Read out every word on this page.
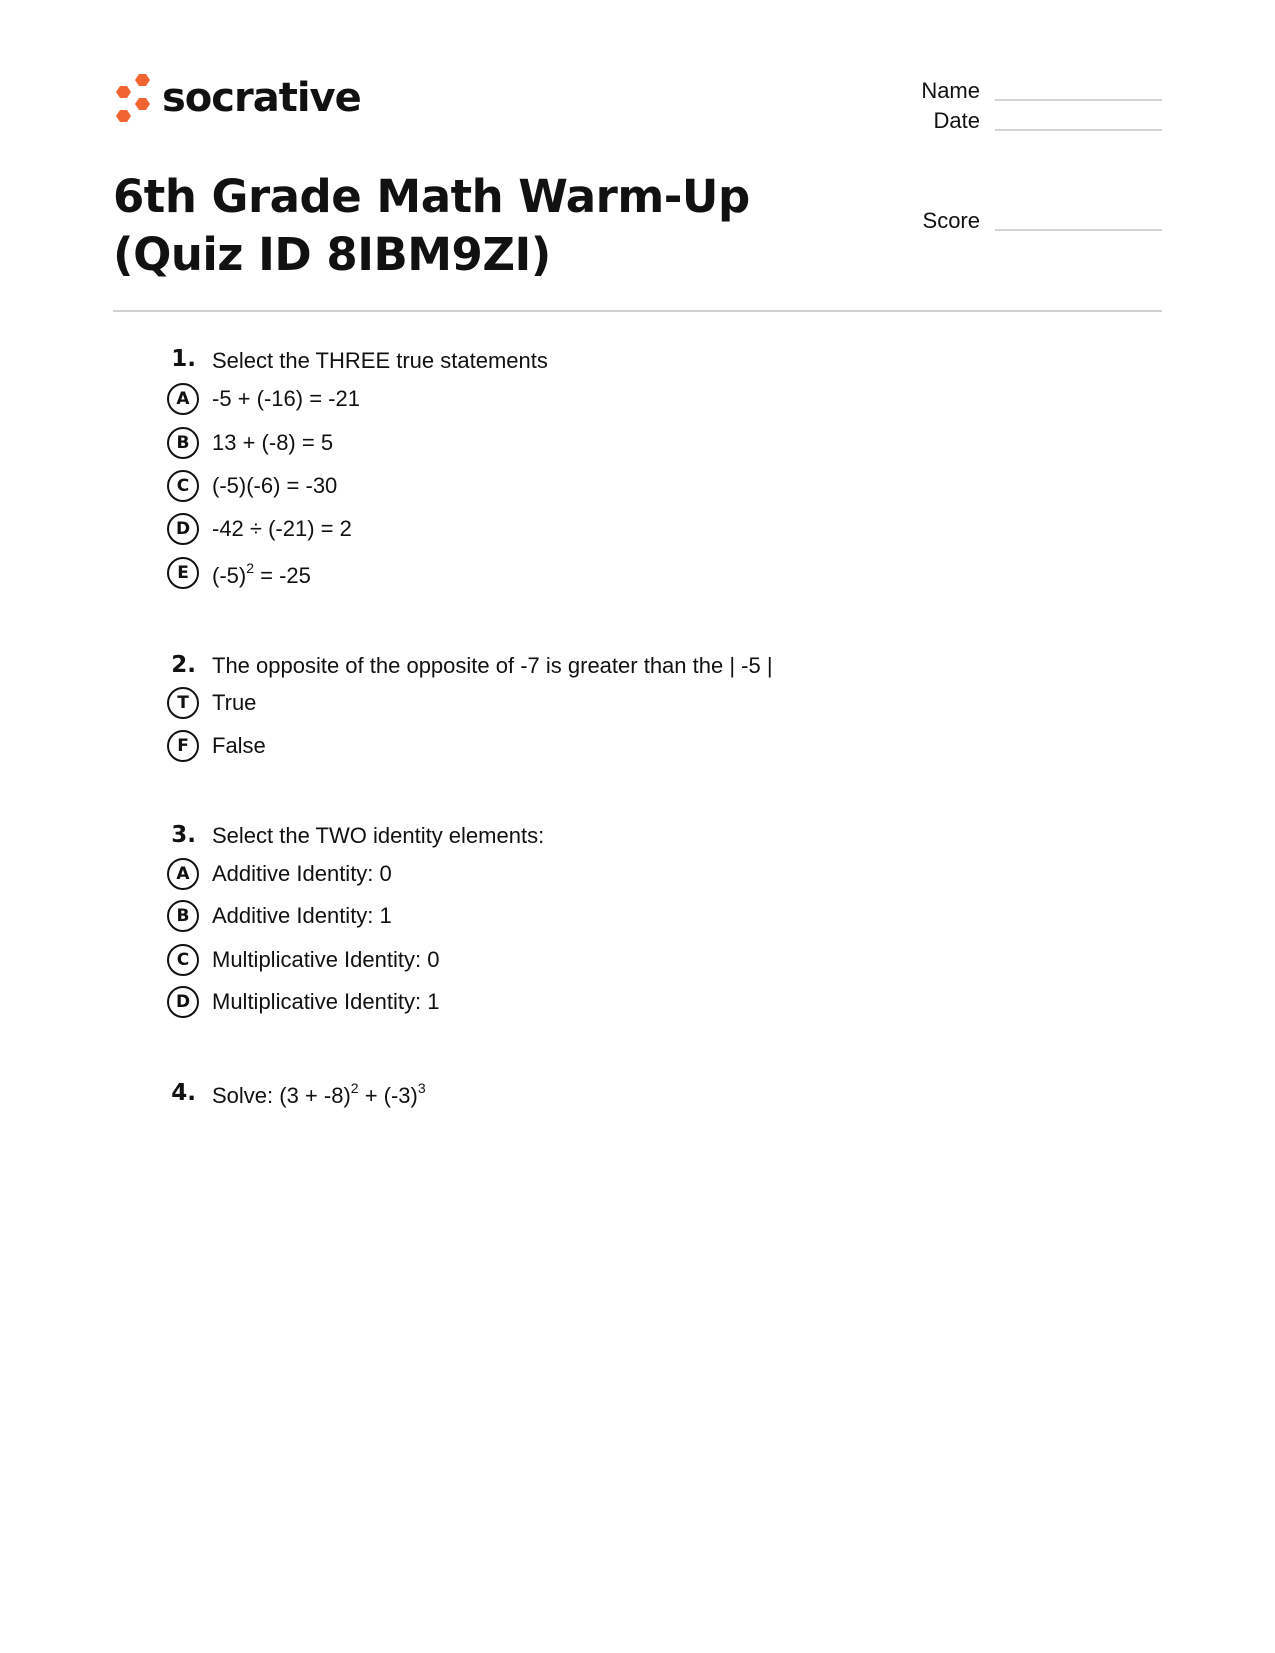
socrative	Name
Date
Score
6th Grade Math Warm-Up (Quiz ID 8IBM9ZI)
1. Select the THREE true statements
A	-5 + (-16) = -21
B	13 + (-8) = 5
C	(-5)(-6) = -30
D -42 ÷ (-21) = 2
E	$(-5)^2 = -25$
2. The opposite of the opposite of -7 is greater than the | -5 |
T	True
F	False
3. Select the TWO identity elements:
A	Additive Identity: 0
B	Additive Identity: 1
C	Multiplicative Identity: 0
D Multiplicative Identity: 1
4. Solve: $(3 + -8)^2 + (-3)^3$
